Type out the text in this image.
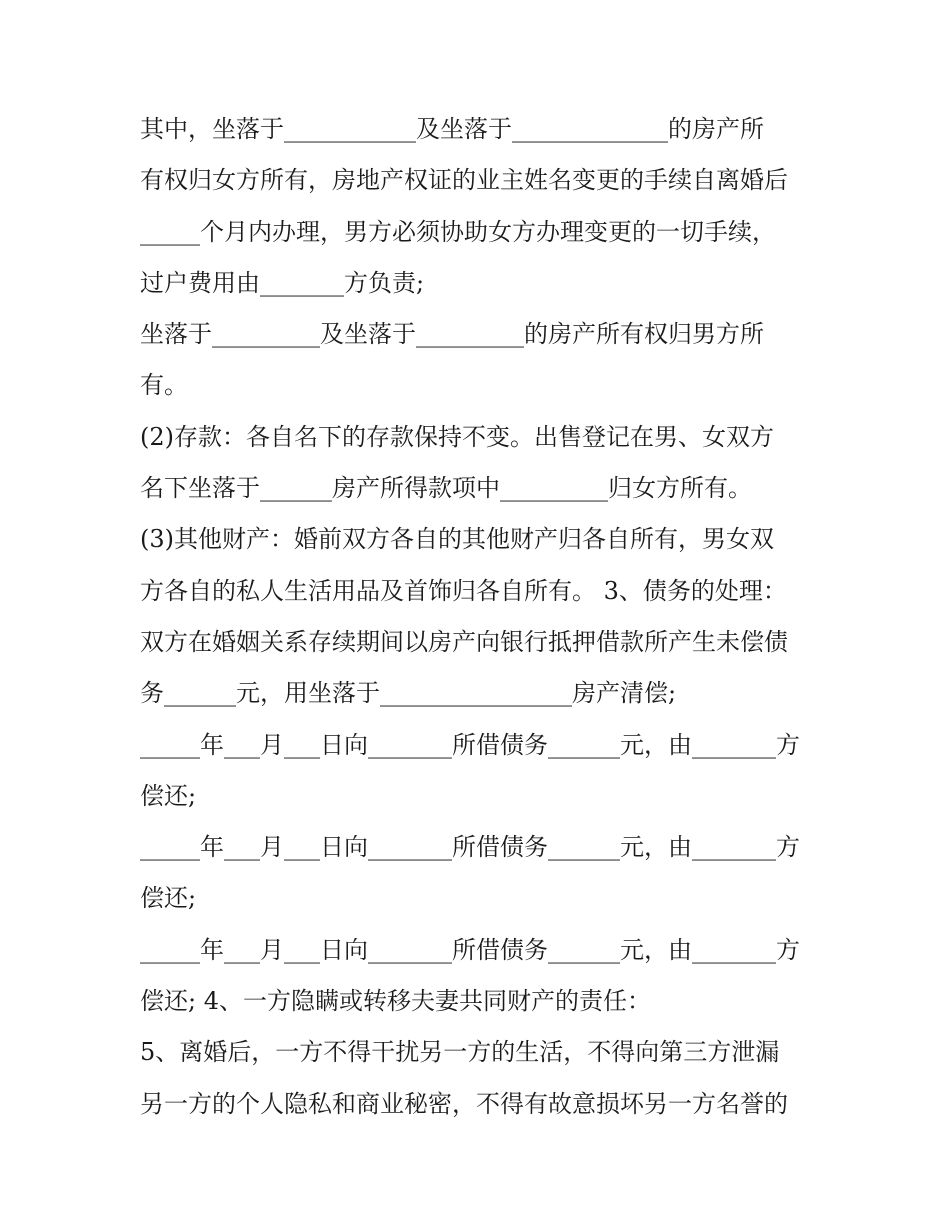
其中，坐落于___________及坐落于_____________的房产所
有权归女方所有，房地产权证的业主姓名变更的手续自离婚后
_____个月内办理，男方必须协助女方办理变更的一切手续，
过户费用由_______方负责;
坐落于_________及坐落于_________的房产所有权归男方所
有。
(2)存款：各自名下的存款保持不变。出售登记在男、女双方
名下坐落于______房产所得款项中_________归女方所有。
(3)其他财产：婚前双方各自的其他财产归各自所有，男女双
方各自的私人生活用品及首饰归各自所有。 3、债务的处理：
双方在婚姻关系存续期间以房产向银行抵押借款所产生未偿债
务______元，用坐落于________________房产清偿;
_____年___月___日向_______所借债务______元，由_______方
偿还;
_____年___月___日向_______所借债务______元，由_______方
偿还;
_____年___月___日向_______所借债务______元，由_______方
偿还; 4、一方隐瞒或转移夫妻共同财产的责任：
5、离婚后，一方不得干扰另一方的生活，不得向第三方泄漏
另一方的个人隐私和商业秘密，不得有故意损坏另一方名誉的
